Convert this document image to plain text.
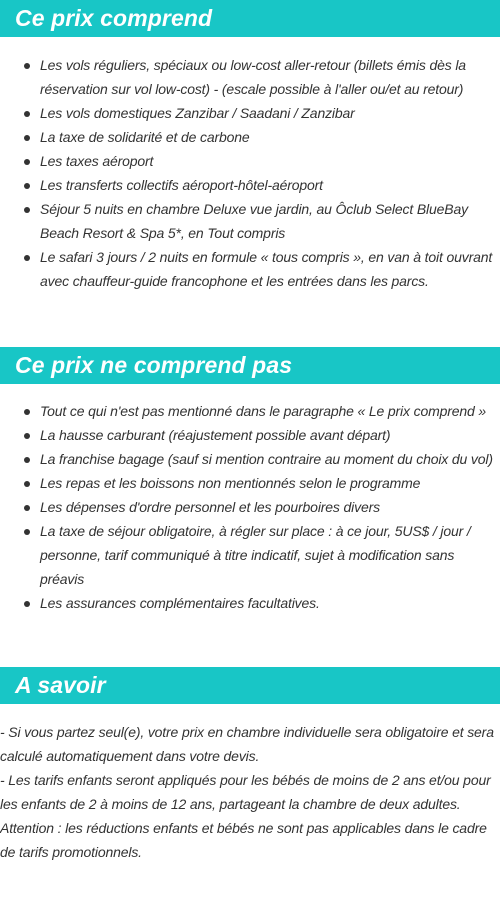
Ce prix comprend
Les vols réguliers, spéciaux ou low-cost aller-retour (billets émis dès la réservation sur vol low-cost) - (escale possible à l'aller ou/et au retour)
Les vols domestiques Zanzibar / Saadani / Zanzibar
La taxe de solidarité et de carbone
Les taxes aéroport
Les transferts collectifs aéroport-hôtel-aéroport
Séjour 5 nuits en chambre Deluxe vue jardin, au Ôclub Select BlueBay Beach Resort & Spa 5*, en Tout compris
Le safari 3 jours / 2 nuits en formule « tous compris », en van à toit ouvrant avec chauffeur-guide francophone et les entrées dans les parcs.
Ce prix ne comprend pas
Tout ce qui n'est pas mentionné dans le paragraphe « Le prix comprend »
La hausse carburant (réajustement possible avant départ)
La franchise bagage (sauf si mention contraire au moment du choix du vol)
Les repas et les boissons non mentionnés selon le programme
Les dépenses d'ordre personnel et les pourboires divers
La taxe de séjour obligatoire, à régler sur place : à ce jour, 5US$ / jour / personne, tarif communiqué à titre indicatif, sujet à modification sans préavis
Les assurances complémentaires facultatives.
A savoir

- Si vous partez seul(e), votre prix en chambre individuelle sera obligatoire et sera calculé automatiquement dans votre devis.

- Les tarifs enfants seront appliqués pour les bébés de moins de 2 ans et/ou pour les enfants de 2 à moins de 12 ans, partageant la chambre de deux adultes.

Attention : les réductions enfants et bébés ne sont pas applicables dans le cadre de tarifs promotionnels.
